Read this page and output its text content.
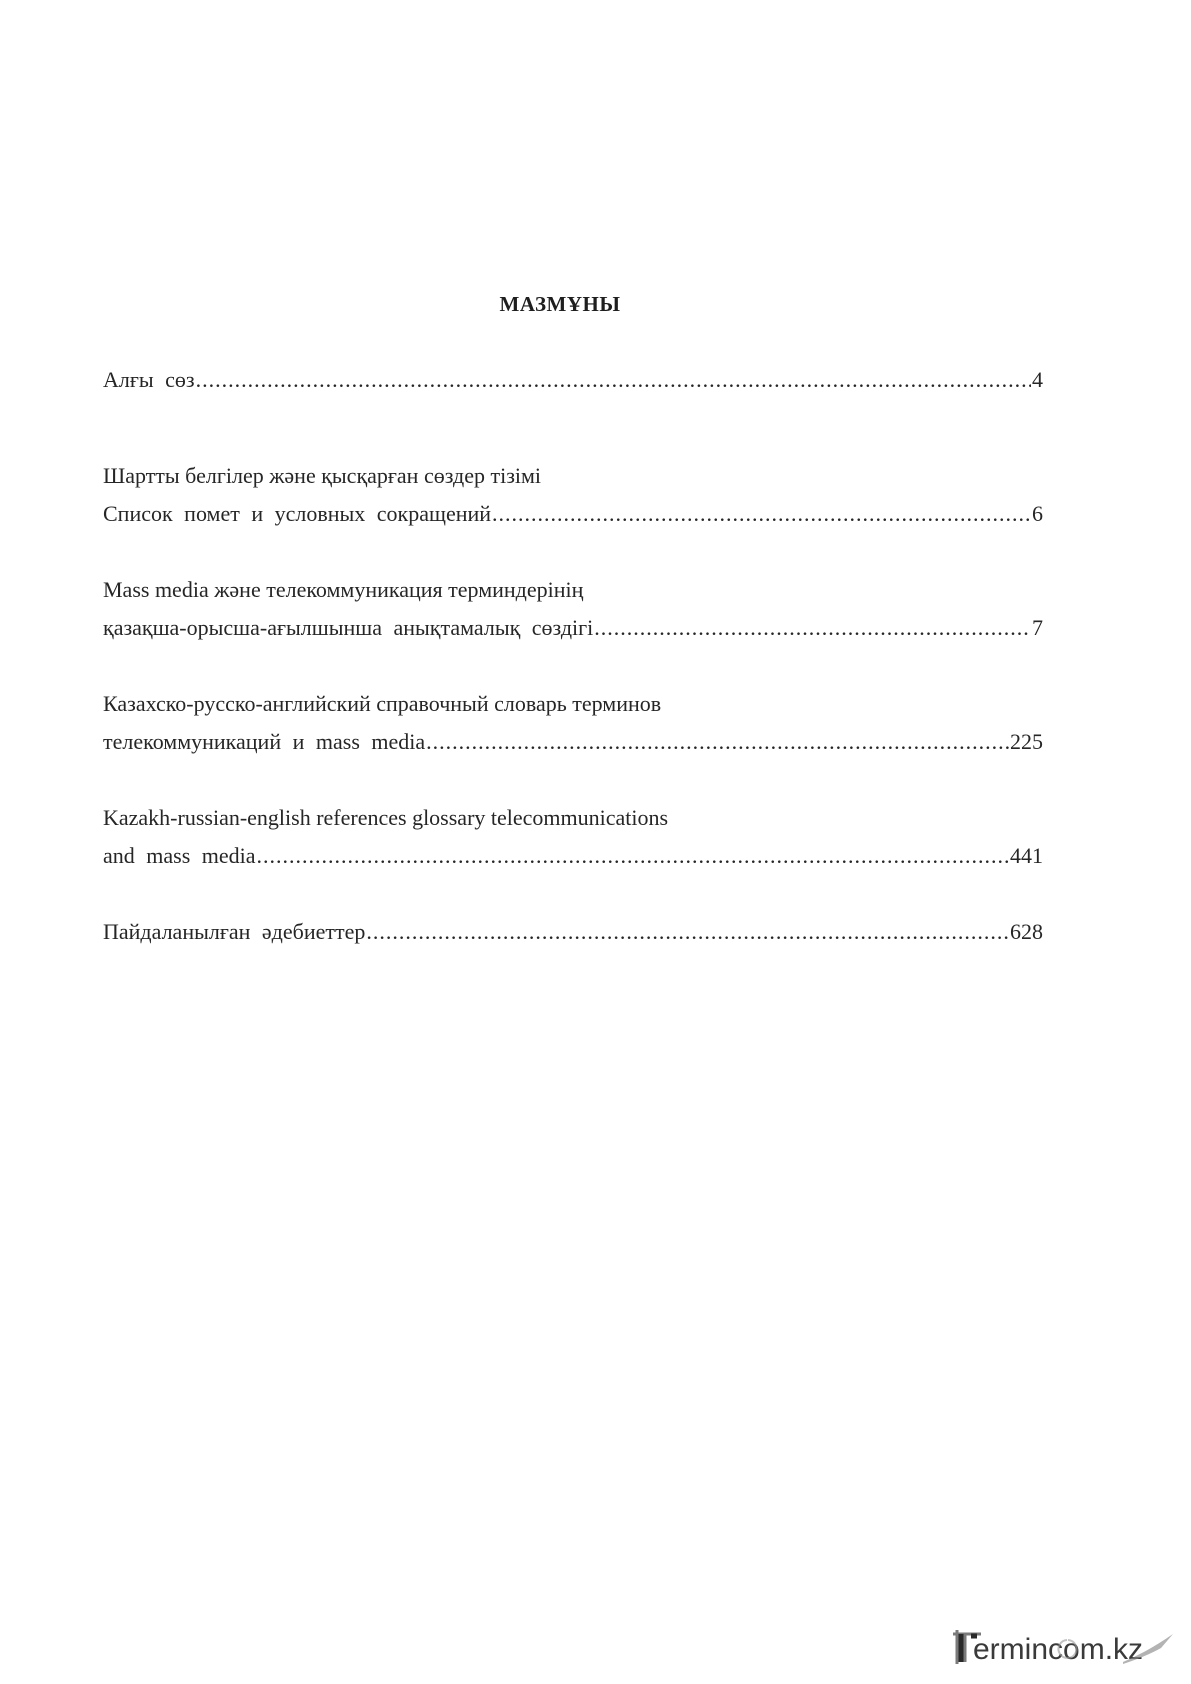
МАЗМҰНЫ
Алғы сөз .....	4
Шартты белгілер және қысқарған сөздер тізімі
Список помет и условных сокращений .....	6
Mass media және телекоммуникация терминдерінің
қазақша-орысша-ағылшынша анықтамалық сөздігі .....	7
Казахско-русско-английский справочный словарь терминов
телекоммуникаций и mass media .....	225
Kazakh-russian-english references glossary telecommunications
and mass media .....	441
Пайдаланылған әдебиеттер .....	628
ermincom.kz
